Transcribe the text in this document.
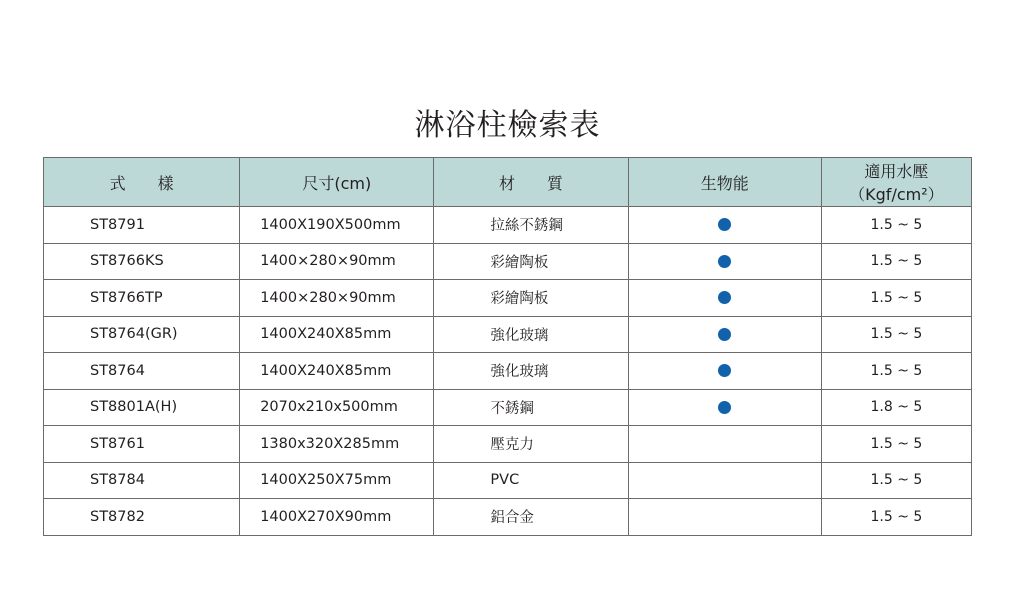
淋浴柱檢索表
式　　樣	尺寸(cm)	材　　質	生物能	適用水壓（Kgf/cm²）
ST8791	1400X190X500mm	拉絲不銹鋼		1.5 ~ 5
ST8766KS	1400×280×90mm	彩繪陶板		1.5 ~ 5
ST8766TP	1400×280×90mm	彩繪陶板		1.5 ~ 5
ST8764(GR)	1400X240X85mm	強化玻璃		1.5 ~ 5
ST8764	1400X240X85mm	強化玻璃		1.5 ~ 5
ST8801A(H)	2070x210x500mm	不銹鋼		1.8 ~ 5
ST8761	1380x320X285mm	壓克力		1.5 ~ 5
ST8784	1400X250X75mm	PVC		1.5 ~ 5
ST8782	1400X270X90mm	鋁合金		1.5 ~ 5
